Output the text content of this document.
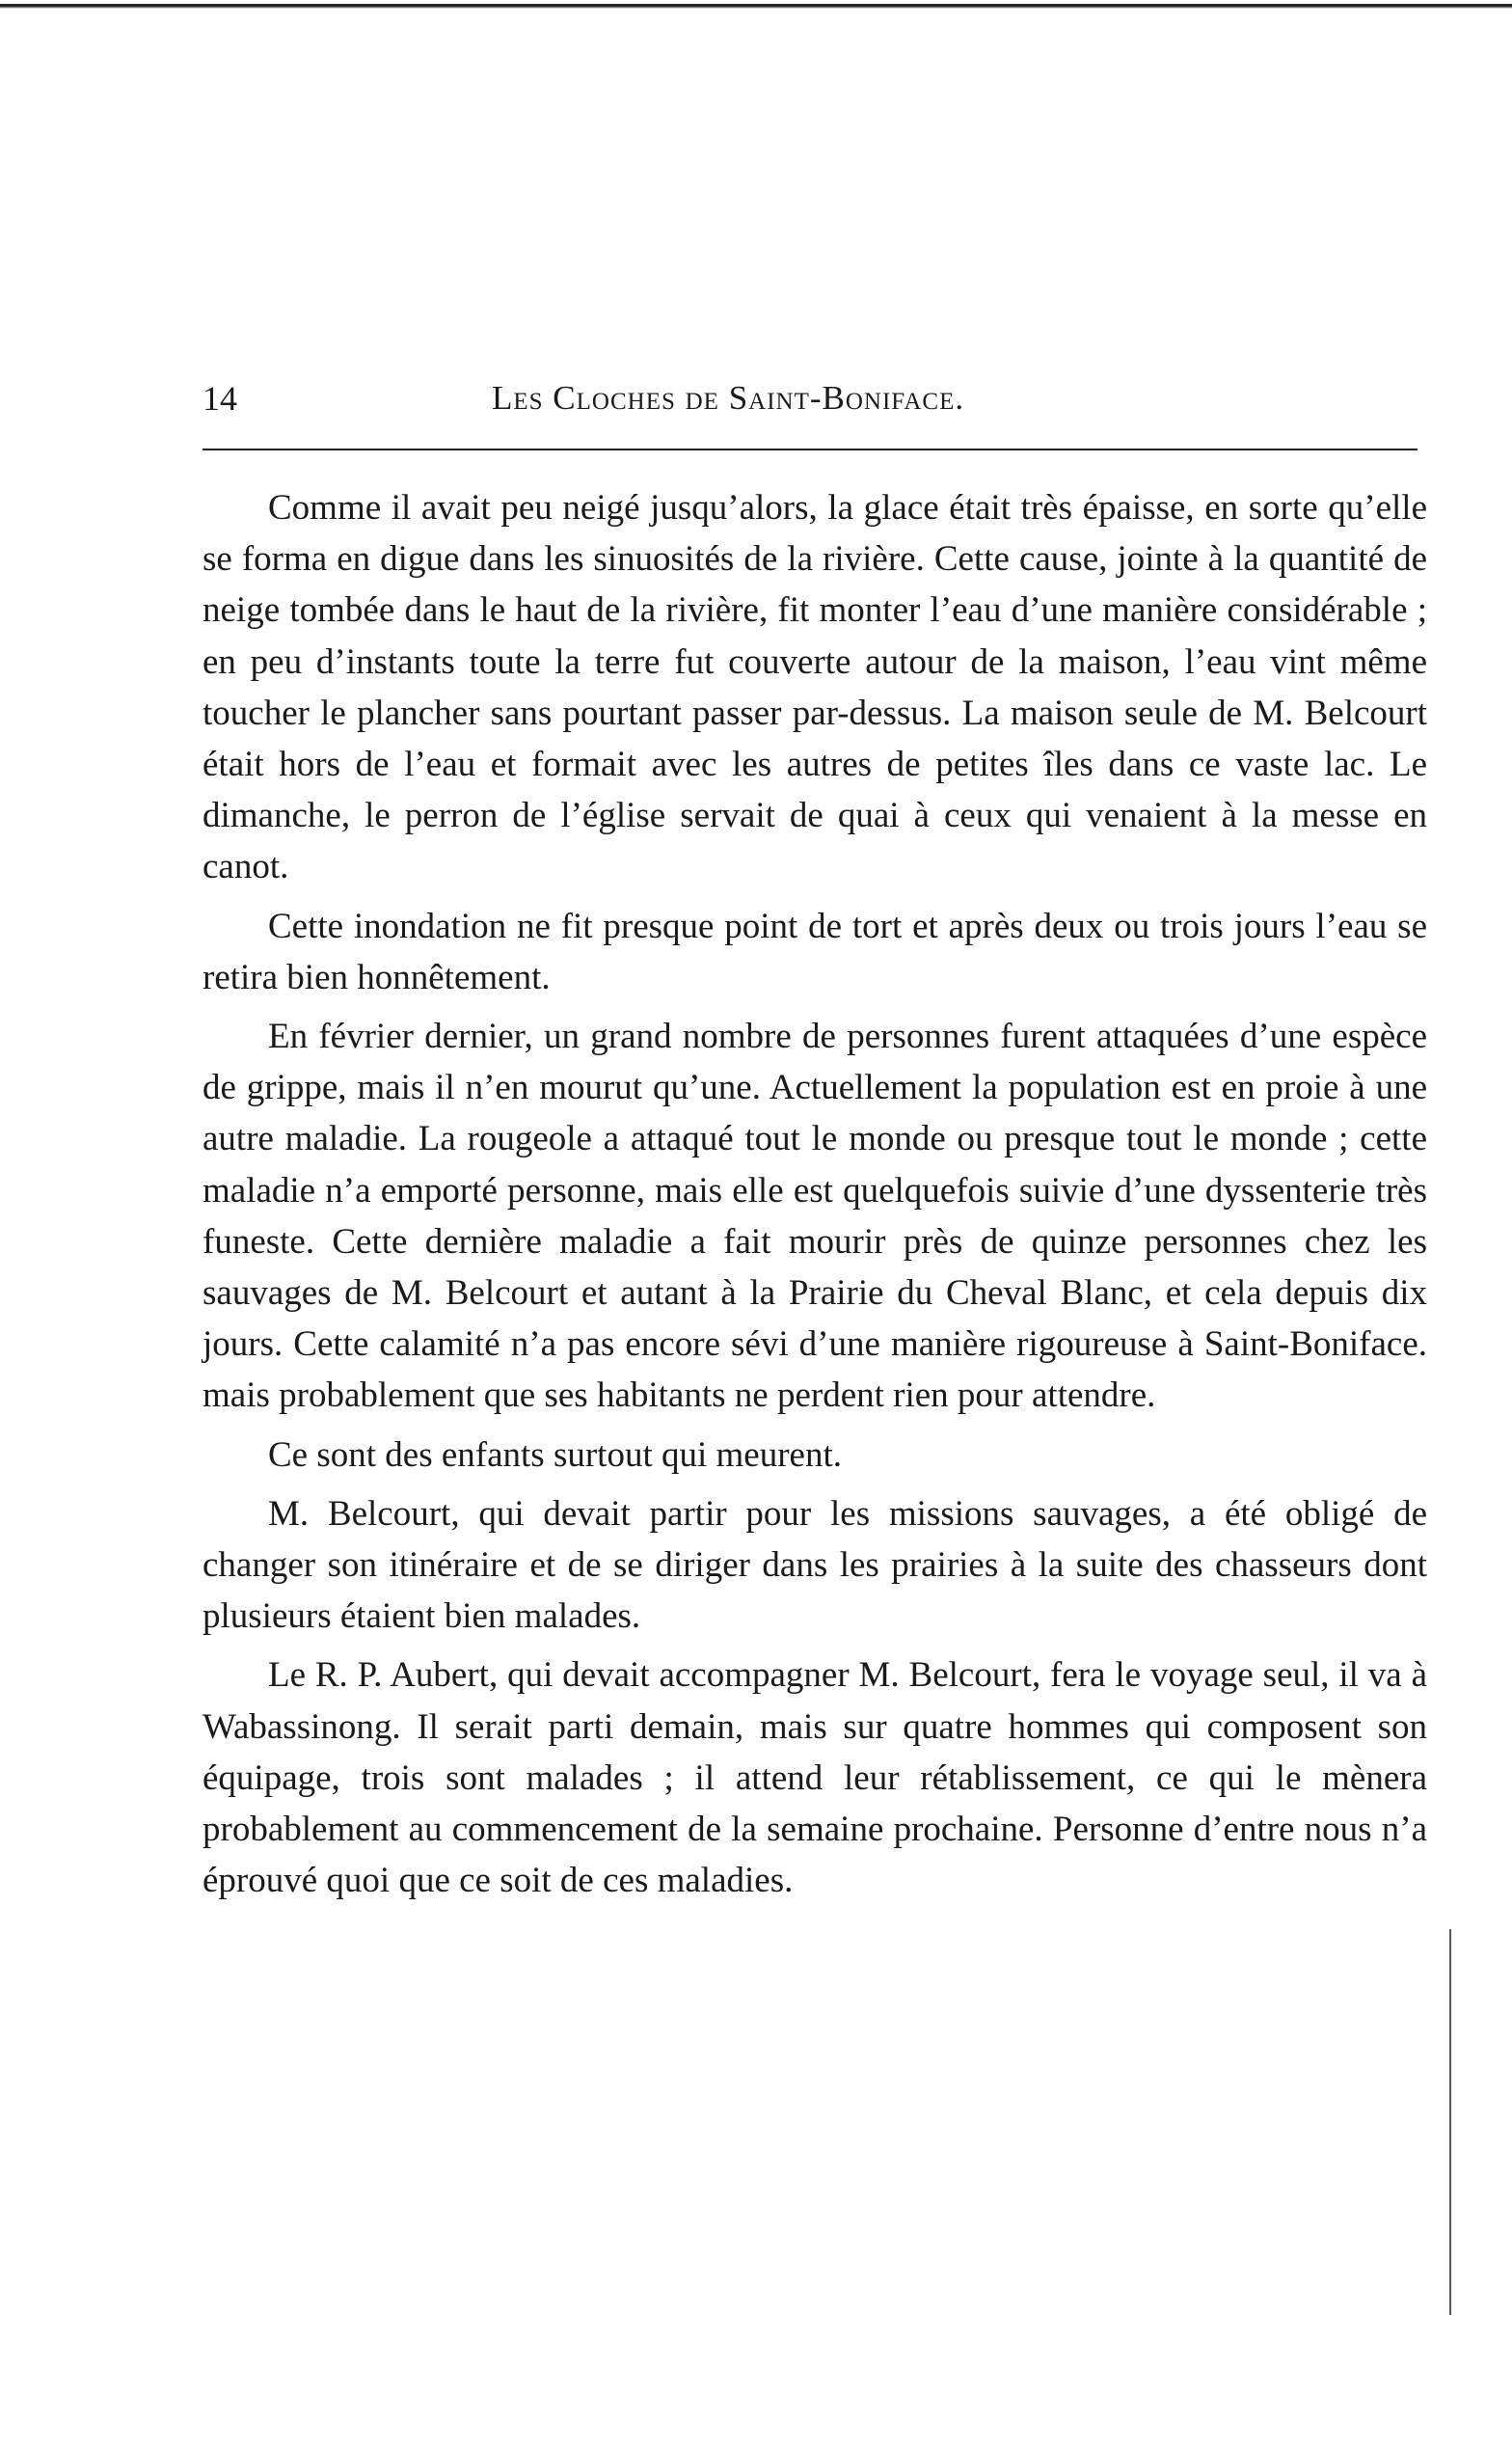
14	Les Cloches de Saint-Boniface.

Comme il avait peu neigé jusqu’alors, la glace était très épaisse, en sorte qu’elle se forma en digue dans les sinuosités de la rivière. Cette cause, jointe à la quantité de neige tombée dans le haut de la rivière, fit monter l’eau d’une manière considérable ; en peu d’instants toute la terre fut couverte autour de la maison, l’eau vint même toucher le plancher sans pourtant passer par-dessus. La maison seule de M. Belcourt était hors de l’eau et formait avec les autres de petites îles dans ce vaste lac. Le dimanche, le perron de l’église servait de quai à ceux qui venaient à la messe en canot.

Cette inondation ne fit presque point de tort et après deux ou trois jours l’eau se retira bien honnêtement.

En février dernier, un grand nombre de personnes furent attaquées d’une espèce de grippe, mais il n’en mourut qu’une. Actuellement la population est en proie à une autre maladie. La rougeole a attaqué tout le monde ou presque tout le monde ; cette maladie n’a emporté personne, mais elle est quelquefois suivie d’une dyssenterie très funeste. Cette dernière maladie a fait mourir près de quinze personnes chez les sauvages de M. Belcourt et autant à la Prairie du Cheval Blanc, et cela depuis dix jours. Cette calamité n’a pas encore sévi d’une manière rigoureuse à Saint-Boniface. mais probablement que ses habitants ne perdent rien pour attendre.

Ce sont des enfants surtout qui meurent.

M. Belcourt, qui devait partir pour les missions sauvages, a été obligé de changer son itinéraire et de se diriger dans les prairies à la suite des chasseurs dont plusieurs étaient bien malades.

Le R. P. Aubert, qui devait accompagner M. Belcourt, fera le voyage seul, il va à Wabassinong. Il serait parti demain, mais sur quatre hommes qui composent son équipage, trois sont malades ; il attend leur rétablissement, ce qui le mènera probablement au commencement de la semaine prochaine. Personne d’entre nous n’a éprouvé quoi que ce soit de ces maladies.
